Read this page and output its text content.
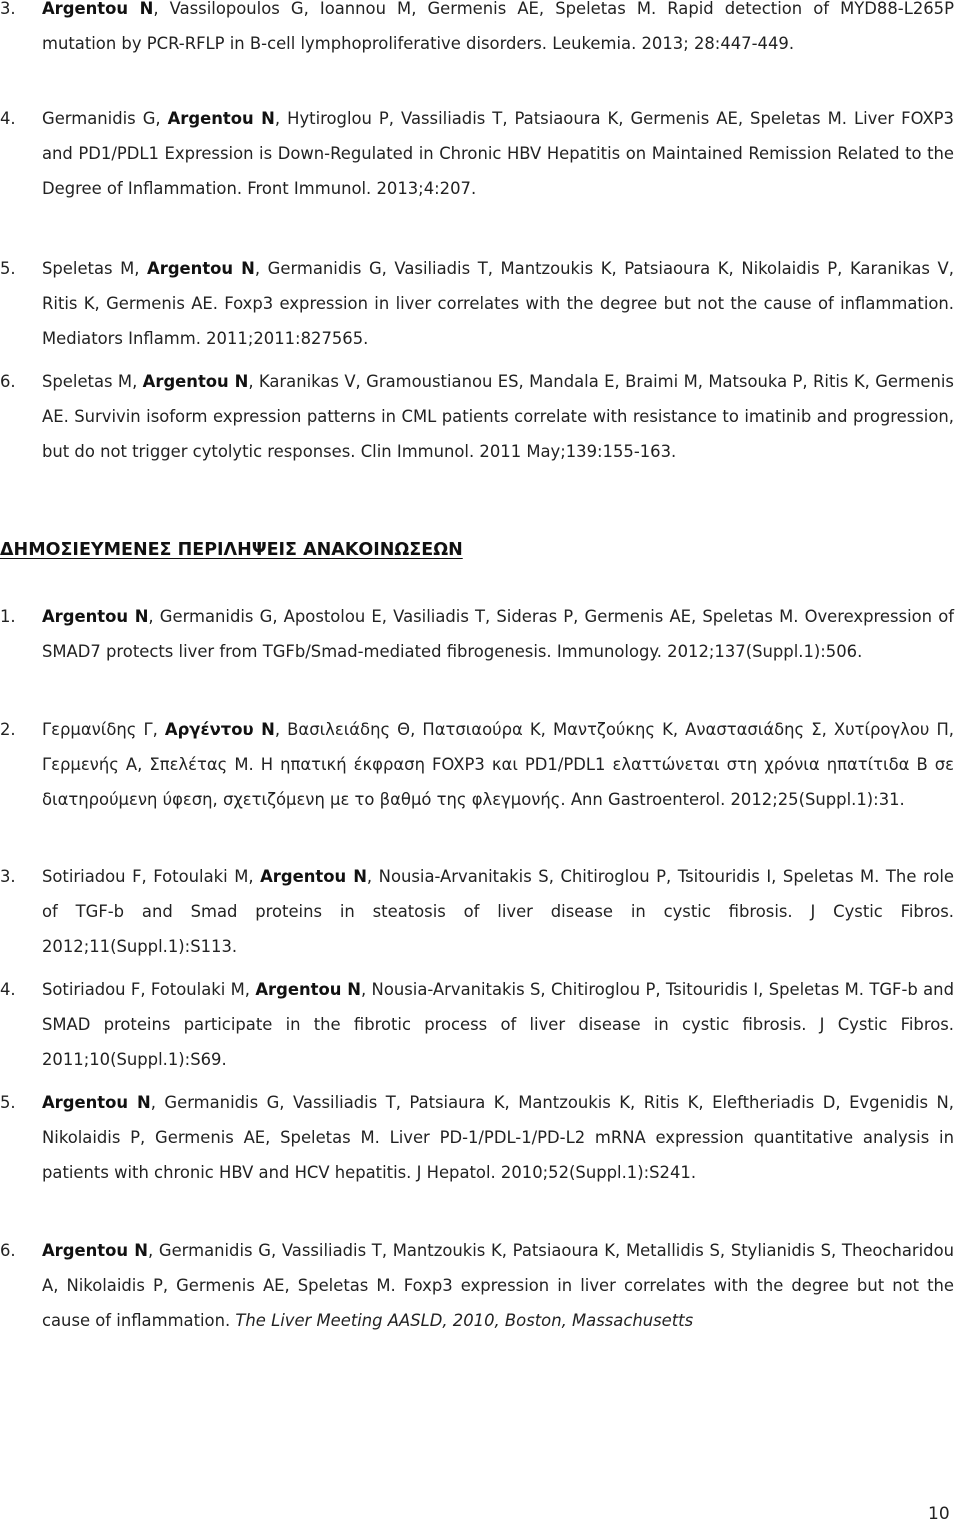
3.	Argentou N, Vassilopoulos G, Ioannou M, Germenis AE, Speletas M. Rapid detection of MYD88-L265P mutation by PCR-RFLP in B-cell lymphoproliferative disorders. Leukemia. 2013; 28:447-449.
4.	Germanidis G, Argentou N, Hytiroglou P, Vassiliadis T, Patsiaoura K, Germenis AE, Speletas M. Liver FOXP3 and PD1/PDL1 Expression is Down-Regulated in Chronic HBV Hepatitis on Maintained Remission Related to the Degree of Inflammation. Front Immunol. 2013;4:207.
5.	Speletas M, Argentou N, Germanidis G, Vasiliadis T, Mantzoukis K, Patsiaoura K, Nikolaidis P, Karanikas V, Ritis K, Germenis AE. Foxp3 expression in liver correlates with the degree but not the cause of inflammation. Mediators Inflamm. 2011;2011:827565.
6.	Speletas M, Argentou N, Karanikas V, Gramoustianou ES, Mandala E, Braimi M, Matsouka P, Ritis K, Germenis AE. Survivin isoform expression patterns in CML patients correlate with resistance to imatinib and progression, but do not trigger cytolytic responses. Clin Immunol. 2011 May;139:155-163.
ΔΗΜΟΣΙΕΥΜΕΝΕΣ ΠΕΡΙΛΗΨΕΙΣ ΑΝΑΚΟΙΝΩΣΕΩΝ
1.	Argentou N, Germanidis G, Apostolou E, Vasiliadis T, Sideras P, Germenis AE, Speletas M. Overexpression of SMAD7 protects liver from TGFb/Smad-mediated fibrogenesis. Immunology. 2012;137(Suppl.1):506.
2.	Γερμανίδης Γ, Αργέντου Ν, Βασιλειάδης Θ, Πατσιαούρα Κ, Μαντζούκης Κ, Αναστασιάδης Σ, Χυτίρογλου Π, Γερμενής Α, Σπελέτας Μ. Η ηπατική έκφραση FOXP3 και PD1/PDL1 ελαττώνεται στη χρόνια ηπατίτιδα Β σε διατηρούμενη ύφεση, σχετιζόμενη με το βαθμό της φλεγμονής. Ann Gastroenterol. 2012;25(Suppl.1):31.
3.	Sotiriadou F, Fotoulaki M, Argentou N, Nousia-Arvanitakis S, Chitiroglou P, Tsitouridis I, Speletas M. The role of TGF-b and Smad proteins in steatosis of liver disease in cystic fibrosis. J Cystic Fibros. 2012;11(Suppl.1):S113.
4.	Sotiriadou F, Fotoulaki M, Argentou N, Nousia-Arvanitakis S, Chitiroglou P, Tsitouridis I, Speletas M. TGF-b and SMAD proteins participate in the fibrotic process of liver disease in cystic fibrosis. J Cystic Fibros. 2011;10(Suppl.1):S69.
5.	Argentou N, Germanidis G, Vassiliadis T, Patsiaura K, Mantzoukis K, Ritis K, Eleftheriadis D, Evgenidis N, Nikolaidis P, Germenis AE, Speletas M. Liver PD-1/PDL-1/PD-L2 mRNA expression quantitative analysis in patients with chronic HBV and HCV hepatitis. J Hepatol. 2010;52(Suppl.1):S241.
6.	Argentou N, Germanidis G, Vassiliadis T, Mantzoukis K, Patsiaoura K, Metallidis S, Stylianidis S, Theocharidou A, Nikolaidis P, Germenis AE, Speletas M. Foxp3 expression in liver correlates with the degree but not the cause of inflammation. The Liver Meeting AASLD, 2010, Boston, Massachusetts
10
